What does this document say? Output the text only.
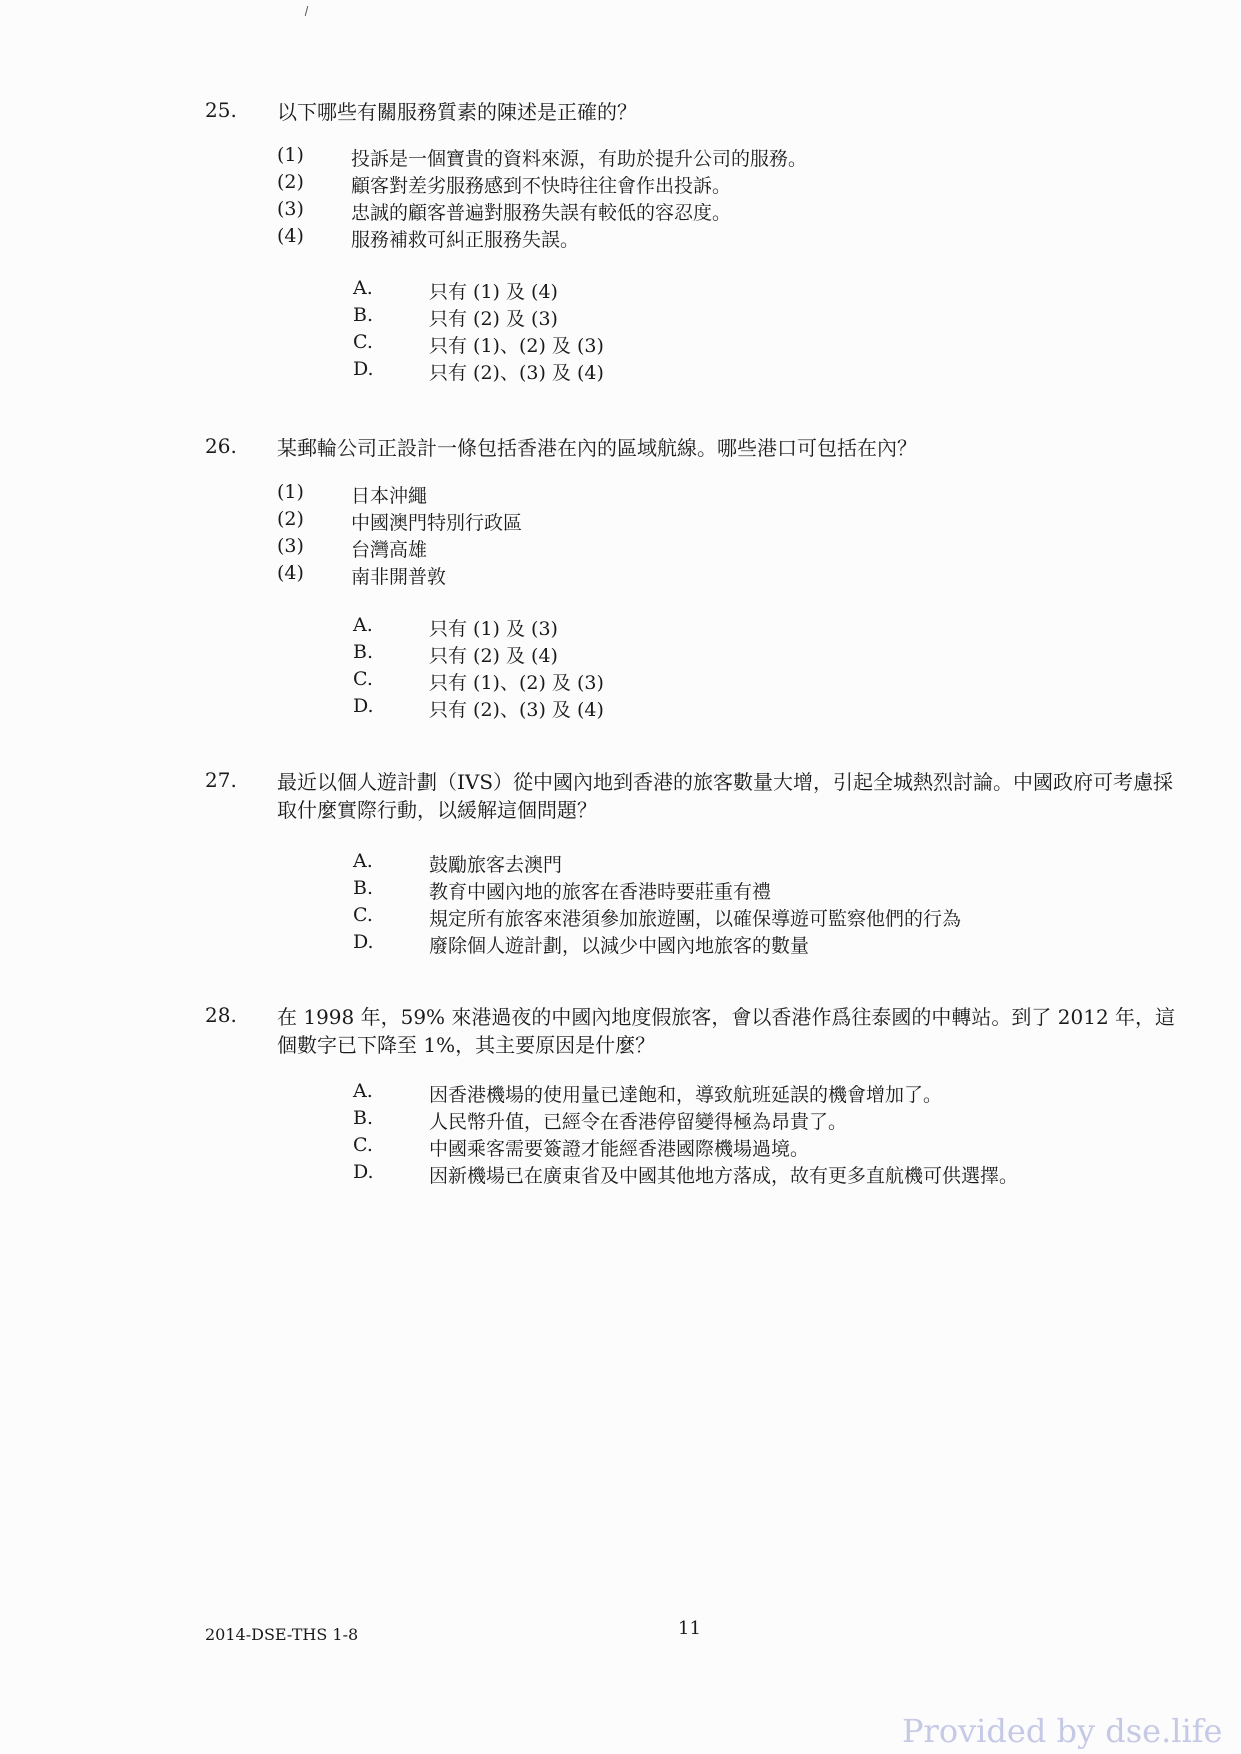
25. 以下哪些有關服務質素的陳述是正確的？
(1)	投訴是一個寶貴的資料來源，有助於提升公司的服務。
(2)	顧客對差劣服務感到不快時往往會作出投訴。
(3)	忠誠的顧客普遍對服務失誤有較低的容忍度。
(4)	服務補救可糾正服務失誤。
A.	只有 (1) 及 (4)
B.	只有 (2) 及 (3)
C.	只有 (1)、(2) 及 (3)
D.	只有 (2)、(3) 及 (4)
26. 某郵輪公司正設計一條包括香港在內的區域航線。哪些港口可包括在內？
(1)	日本沖繩
(2)	中國澳門特別行政區
(3)	台灣高雄
(4)	南非開普敦
A.	只有 (1) 及 (3)
B.	只有 (2) 及 (4)
C.	只有 (1)、(2) 及 (3)
D.	只有 (2)、(3) 及 (4)
27. 最近以個人遊計劃（IVS）從中國內地到香港的旅客數量大增，引起全城熱烈討論。中國政府可考慮採取什麼實際行動，以緩解這個問題？
A.	鼓勵旅客去澳門
B.	教育中國內地的旅客在香港時要莊重有禮
C.	規定所有旅客來港須參加旅遊團，以確保導遊可監察他們的行為
D.	廢除個人遊計劃，以減少中國內地旅客的數量
28. 在 1998 年，59% 來港過夜的中國內地度假旅客，會以香港作爲往泰國的中轉站。到了 2012 年，這個數字已下降至 1%，其主要原因是什麼？
A.	因香港機場的使用量已達飽和，導致航班延誤的機會增加了。
B.	人民幣升值，已經令在香港停留變得極為昂貴了。
C.	中國乘客需要簽證才能經香港國際機場過境。
D.	因新機場已在廣東省及中國其他地方落成，故有更多直航機可供選擇。
2014-DSE-THS 1-8	11
Provided by dse.life
